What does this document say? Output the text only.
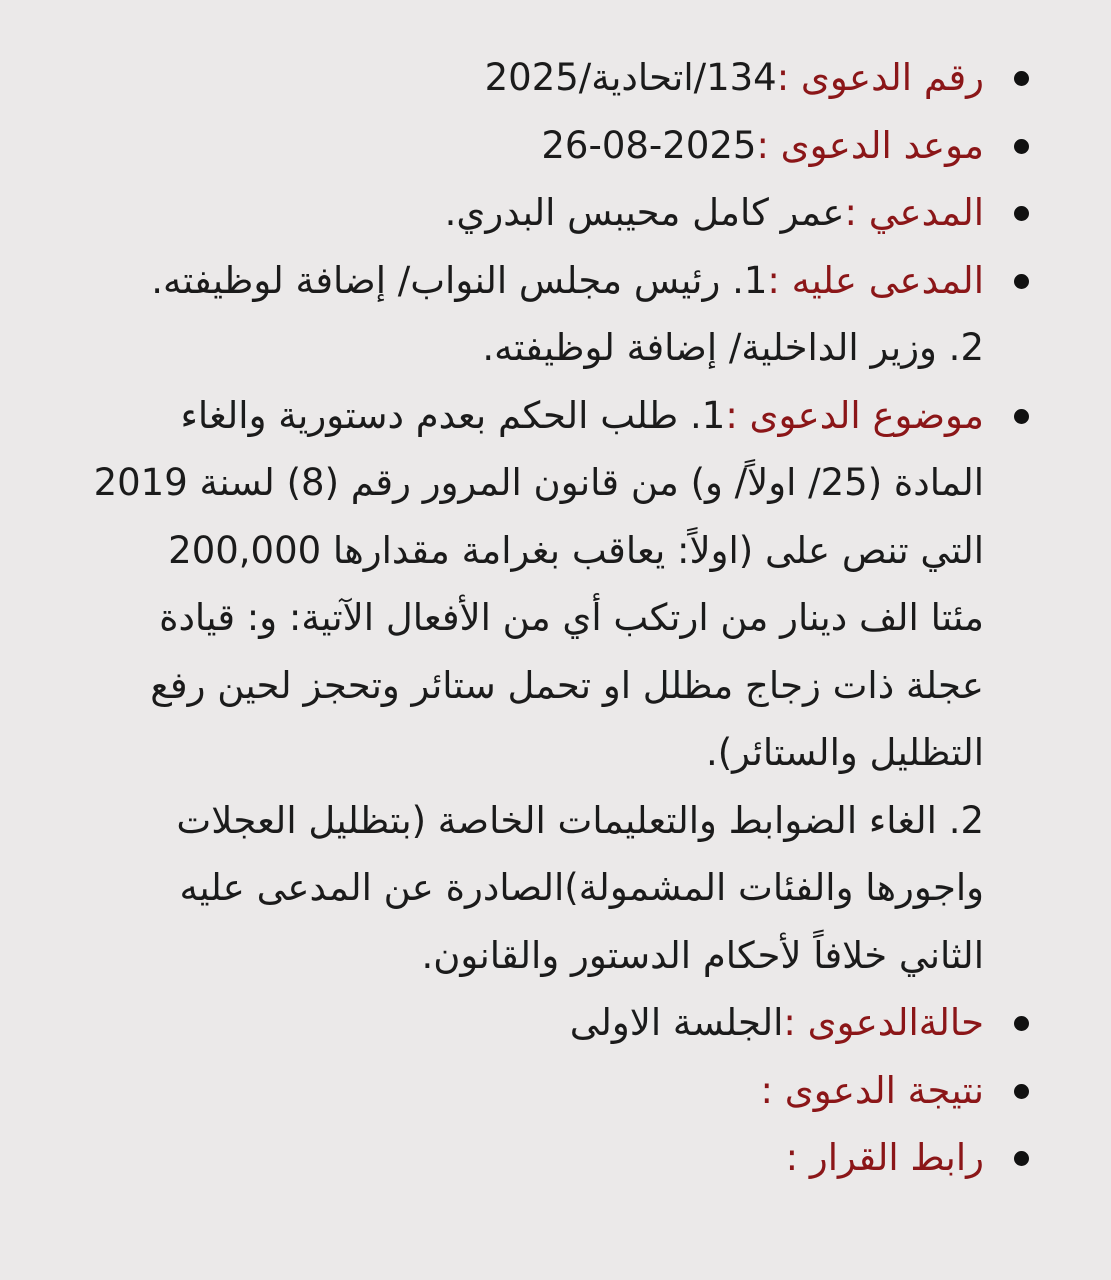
رقم الدعوى :134/اتحادية/2025
موعد الدعوى :2025-08-26
المدعي :عمر كامل محيبس البدري.
المدعى عليه :1. رئيس مجلس النواب/ إضافة لوظيفته.
2. وزير الداخلية/ إضافة لوظيفته.
موضوع الدعوى :1. طلب الحكم بعدم دستورية والغاء
المادة (25/ اولاً/ و) من قانون المرور رقم (8) لسنة 2019
التي تنص على (اولاً: يعاقب بغرامة مقدارها 200,000
مئتا الف دينار من ارتكب أي من الأفعال الآتية: و: قيادة
عجلة ذات زجاج مظلل او تحمل ستائر وتحجز لحين رفع
التظليل والستائر).
2. الغاء الضوابط والتعليمات الخاصة (بتظليل العجلات
واجورها والفئات المشمولة)الصادرة عن المدعى عليه
الثاني خلافاً لأحكام الدستور والقانون.
حالةالدعوى :الجلسة الاولى
نتيجة الدعوى :
رابط القرار :
